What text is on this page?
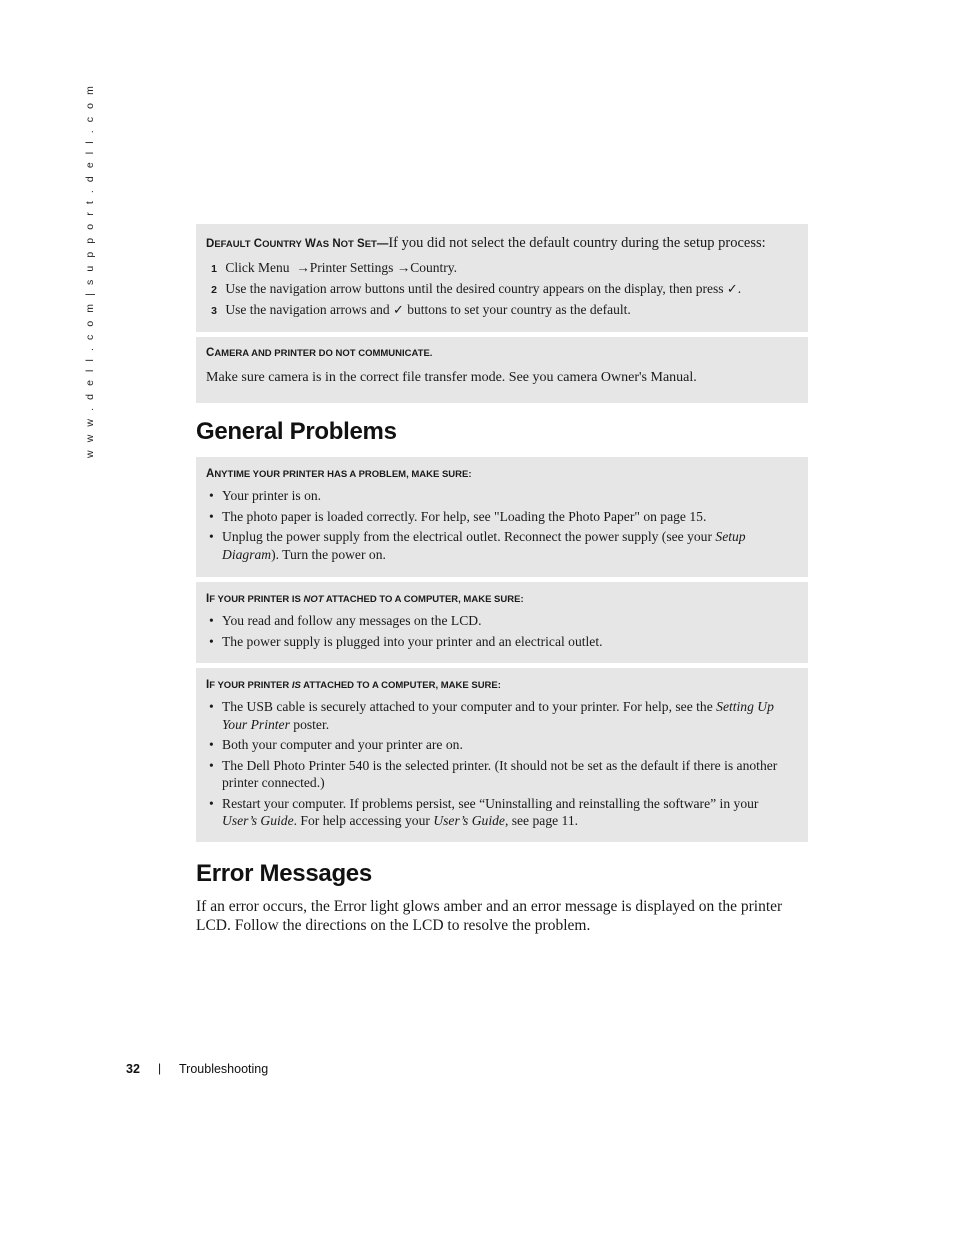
w w w . d e l l . c o m | s u p p o r t . d e l l . c o m	DEFAULT COUNTRY WAS NOT SET—If you did not select the default country during the setup process:
1 Click Menu →Printer Settings →Country.
2 Use the navigation arrow buttons until the desired country appears on the display, then press ✓.
3 Use the navigation arrows and ✓ buttons to set your country as the default.
CAMERA AND PRINTER DO NOT COMMUNICATE.
Make sure camera is in the correct file transfer mode. See you camera Owner's Manual.
General Problems
ANYTIME YOUR PRINTER HAS A PROBLEM, MAKE SURE:
• Your printer is on.
• The photo paper is loaded correctly. For help, see "Loading the Photo Paper" on page 15.
• Unplug the power supply from the electrical outlet. Reconnect the power supply (see your Setup Diagram). Turn the power on.
IF YOUR PRINTER IS NOT ATTACHED TO A COMPUTER, MAKE SURE:
• You read and follow any messages on the LCD.
• The power supply is plugged into your printer and an electrical outlet.
IF YOUR PRINTER IS ATTACHED TO A COMPUTER, MAKE SURE:
• The USB cable is securely attached to your computer and to your printer. For help, see the Setting Up Your Printer poster.
• Both your computer and your printer are on.
• The Dell Photo Printer 540 is the selected printer. (It should not be set as the default if there is another printer connected.)
• Restart your computer. If problems persist, see “Uninstalling and reinstalling the software” in your User’s Guide. For help accessing your User’s Guide, see page 11.
Error Messages
If an error occurs, the Error light glows amber and an error message is displayed on the printer LCD. Follow the directions on the LCD to resolve the problem.
32 | Troubleshooting
